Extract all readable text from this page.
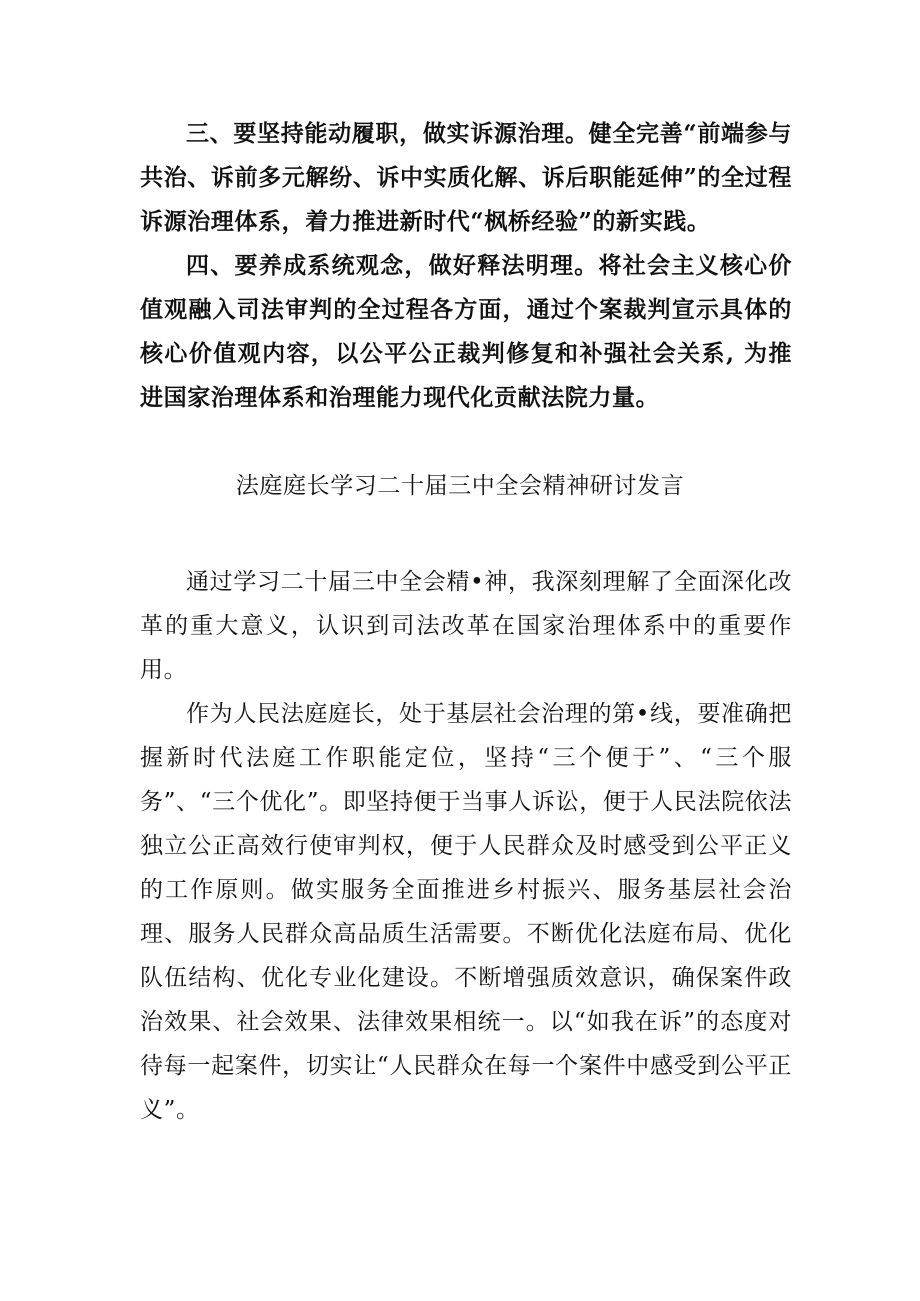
三、要坚持能动履职，做实诉源治理。健全完善“前端参与共治、诉前多元解纷、诉中实质化解、诉后职能延伸”的全过程诉源治理体系，着力推进新时代“枫桥经验”的新实践。

四、要养成系统观念，做好释法明理。将社会主义核心价值观融入司法审判的全过程各方面，通过个案裁判宣示具体的核心价值观内容，以公平公正裁判修复和补强社会关系, 为推进国家治理体系和治理能力现代化贡献法院力量。

法庭庭长学习二十届三中全会精神研讨发言

通过学习二十届三中全会精•神，我深刻理解了全面深化改革的重大意义，认识到司法改革在国家治理体系中的重要作用。

作为人民法庭庭长，处于基层社会治理的第•线，要准确把握新时代法庭工作职能定位，坚持“三个便于”、“三个服务”、“三个优化”。即坚持便于当事人诉讼，便于人民法院依法独立公正高效行使审判权，便于人民群众及时感受到公平正义的工作原则。做实服务全面推进乡村振兴、服务基层社会治理、服务人民群众高品质生活需要。不断优化法庭布局、优化队伍结构、优化专业化建设。不断增强质效意识，确保案件政治效果、社会效果、法律效果相统一。以“如我在诉”的态度对待每一起案件，切实让“人民群众在每一个案件中感受到公平正义”。
